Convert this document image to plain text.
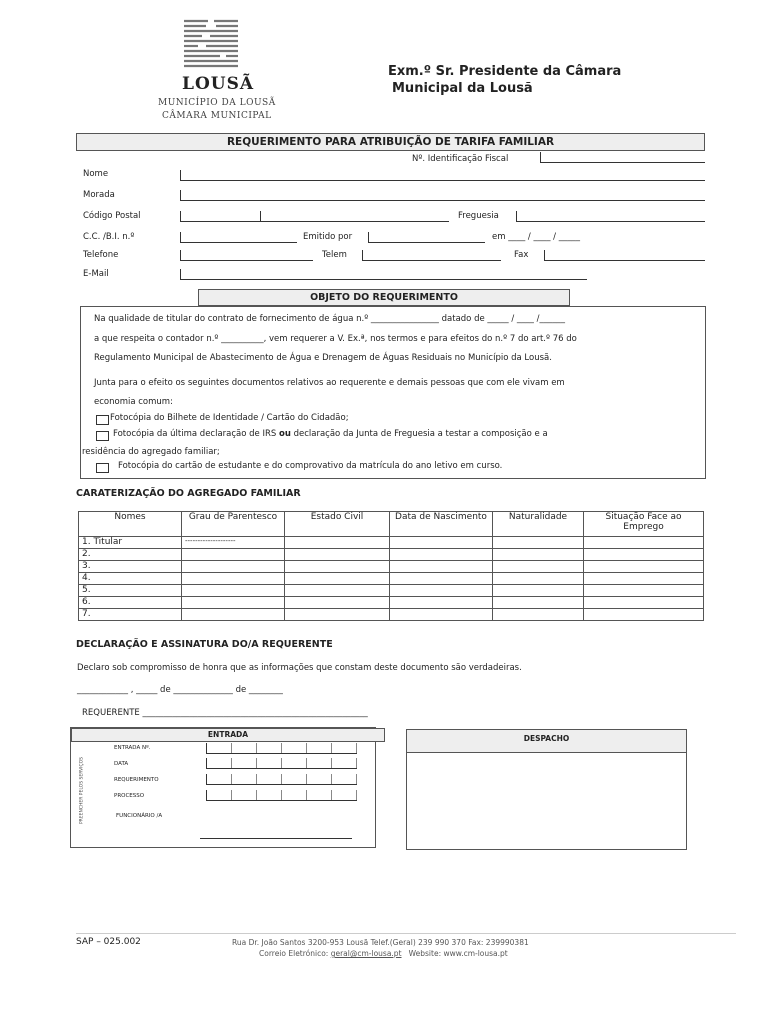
LOUSÃ
MUNICÍPIO DA LOUSÃ
CÂMARA MUNICIPAL
Exm.º Sr. Presidente da Câmara
Municipal da Lousã
REQUERIMENTO PARA ATRIBUIÇÃO DE TARIFA FAMILIAR
Nº. Identificação Fiscal
Nome
Morada
Código Postal	Freguesia
C.C. /B.I. n.º	Emitido por	em ____ / ____ / _____
Telefone	Telem	Fax
E-Mail
OBJETO DO REQUERIMENTO
Na qualidade de titular do contrato de fornecimento de água n.º ________________ datado de _____ / ____ /______
a que respeita o contador n.º __________, vem requerer a V. Ex.ª, nos termos e para efeitos do n.º 7 do art.º 76 do
Regulamento Municipal de Abastecimento de Água e Drenagem de Águas Residuais no Município da Lousã.
Junta para o efeito os seguintes documentos relativos ao requerente e demais pessoas que com ele vivam em
economia comum:
Fotocópia do Bilhete de Identidade / Cartão do Cidadão;
Fotocópia da última declaração de IRS ou declaração da Junta de Freguesia a testar a composição e a
residência do agregado familiar;
Fotocópia do cartão de estudante e do comprovativo da matrícula do ano letivo em curso.
CARATERIZAÇÃO DO AGREGADO FAMILIAR
Nomes	Grau de Parentesco	Estado Civil	Data de Nascimento	Naturalidade	Situação Face ao Emprego
1. Titular	--------------------				
2.					
3.					
4.					
5.					
6.					
7.					
DECLARAÇÃO E ASSINATURA DO/A REQUERENTE
Declaro sob compromisso de honra que as informações que constam deste documento são verdadeiras.
____________ , _____ de ______________ de ________
REQUERENTE _____________________________________________________
ENTRADA
PREENCHER PELOS SERVIÇOS
ENTRADA Nº.
DATA
REQUERIMENTO
PROCESSO
FUNCIONÁRIO /A
DESPACHO
SAP – 025.002	Rua Dr. João Santos 3200-953 Lousã Telef.(Geral) 239 990 370 Fax: 239990381
Correio Eletrónico: geral@cm-lousa.pt   Website: www.cm-lousa.pt
